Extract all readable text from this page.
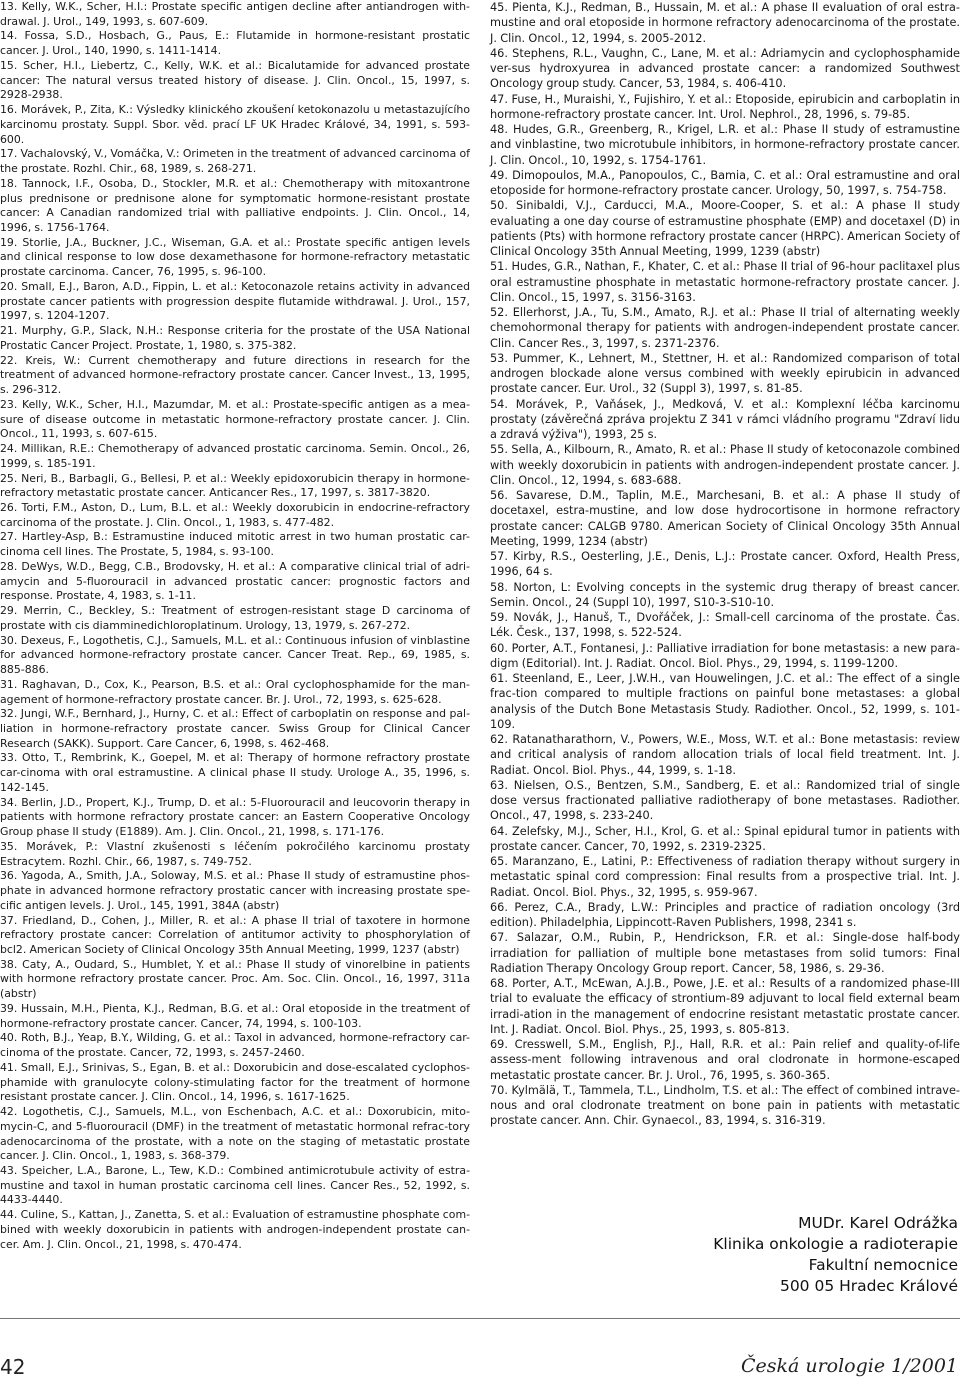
13. Kelly, W.K., Scher, H.I.: Prostate specific antigen decline after antiandrogen with-drawal. J. Urol., 149, 1993, s. 607-609.

14. Fossa, S.D., Hosbach, G., Paus, E.: Flutamide in hormone-resistant prostatic cancer. J. Urol., 140, 1990, s. 1411-1414.

15. Scher, H.I., Liebertz, C., Kelly, W.K. et al.: Bicalutamide for advanced prostate cancer: The natural versus treated history of disease. J. Clin. Oncol., 15, 1997, s. 2928-2938.

16. Morávek, P., Zita, K.: Výsledky klinického zkoušení ketokonazolu u metastazujícího karcinomu prostaty. Suppl. Sbor. věd. prací LF UK Hradec Králové, 34, 1991, s. 593-600.

17. Vachalovský, V., Vomáčka, V.: Orimeten in the treatment of advanced carcinoma of the prostate. Rozhl. Chir., 68, 1989, s. 268-271.

18. Tannock, I.F., Osoba, D., Stockler, M.R. et al.: Chemotherapy with mitoxantrone plus prednisone or prednisone alone for symptomatic hormone-resistant prostate cancer: A Canadian randomized trial with palliative endpoints. J. Clin. Oncol., 14, 1996, s. 1756-1764.

19. Storlie, J.A., Buckner, J.C., Wiseman, G.A. et al.: Prostate specific antigen levels and clinical response to low dose dexamethasone for hormone-refractory metastatic prostate carcinoma. Cancer, 76, 1995, s. 96-100.

20. Small, E.J., Baron, A.D., Fippin, L. et al.: Ketoconazole retains activity in advanced prostate cancer patients with progression despite flutamide withdrawal. J. Urol., 157, 1997, s. 1204-1207.

21. Murphy, G.P., Slack, N.H.: Response criteria for the prostate of the USA National Prostatic Cancer Project. Prostate, 1, 1980, s. 375-382.

22. Kreis, W.: Current chemotherapy and future directions in research for the treatment of advanced hormone-refractory prostate cancer. Cancer Invest., 13, 1995, s. 296-312.

23. Kelly, W.K., Scher, H.I., Mazumdar, M. et al.: Prostate-specific antigen as a mea-sure of disease outcome in metastatic hormone-refractory prostate cancer. J. Clin. Oncol., 11, 1993, s. 607-615.

24. Millikan, R.E.: Chemotherapy of advanced prostatic carcinoma. Semin. Oncol., 26, 1999, s. 185-191.

25. Neri, B., Barbagli, G., Bellesi, P. et al.: Weekly epidoxorubicin therapy in hormone-refractory metastatic prostate cancer. Anticancer Res., 17, 1997, s. 3817-3820.

26. Torti, F.M., Aston, D., Lum, B.L. et al.: Weekly doxorubicin in endocrine-refractory carcinoma of the prostate. J. Clin. Oncol., 1, 1983, s. 477-482.

27. Hartley-Asp, B.: Estramustine induced mitotic arrest in two human prostatic car-cinoma cell lines. The Prostate, 5, 1984, s. 93-100.

28. DeWys, W.D., Begg, C.B., Brodovsky, H. et al.: A comparative clinical trial of adri-amycin and 5-fluorouracil in advanced prostatic cancer: prognostic factors and response. Prostate, 4, 1983, s. 1-11.

29. Merrin, C., Beckley, S.: Treatment of estrogen-resistant stage D carcinoma of prostate with cis diamminedichloroplatinum. Urology, 13, 1979, s. 267-272.

30. Dexeus, F., Logothetis, C.J., Samuels, M.L. et al.: Continuous infusion of vinblastine for advanced hormone-refractory prostate cancer. Cancer Treat. Rep., 69, 1985, s. 885-886.

31. Raghavan, D., Cox, K., Pearson, B.S. et al.: Oral cyclophosphamide for the man-agement of hormone-refractory prostate cancer. Br. J. Urol., 72, 1993, s. 625-628.

32. Jungi, W.F., Bernhard, J., Hurny, C. et al.: Effect of carboplatin on response and pal-liation in hormone-refractory prostate cancer. Swiss Group for Clinical Cancer Research (SAKK). Support. Care Cancer, 6, 1998, s. 462-468.

33. Otto, T., Rembrink, K., Goepel, M. et al: Therapy of hormone refractory prostate car-cinoma with oral estramustine. A clinical phase II study. Urologe A., 35, 1996, s. 142-145.

34. Berlin, J.D., Propert, K.J., Trump, D. et al.: 5-Fluorouracil and leucovorin therapy in patients with hormone refractory prostate cancer: an Eastern Cooperative Oncology Group phase II study (E1889). Am. J. Clin. Oncol., 21, 1998, s. 171-176.

35. Morávek, P.: Vlastní zkušenosti s léčením pokročilého karcinomu prostaty Estracytem. Rozhl. Chir., 66, 1987, s. 749-752.

36. Yagoda, A., Smith, J.A., Soloway, M.S. et al.: Phase II study of estramustine phos-phate in advanced hormone refractory prostatic cancer with increasing prostate spe-cific antigen levels. J. Urol., 145, 1991, 384A (abstr)

37. Friedland, D., Cohen, J., Miller, R. et al.: A phase II trial of taxotere in hormone refractory prostate cancer: Correlation of antitumor activity to phosphorylation of bcl2. American Society of Clinical Oncology 35th Annual Meeting, 1999, 1237 (abstr)

38. Caty, A., Oudard, S., Humblet, Y. et al.: Phase II study of vinorelbine in patients with hormone refractory prostate cancer. Proc. Am. Soc. Clin. Oncol., 16, 1997, 311a (abstr)

39. Hussain, M.H., Pienta, K.J., Redman, B.G. et al.: Oral etoposide in the treatment of hormone-refractory prostate cancer. Cancer, 74, 1994, s. 100-103.

40. Roth, B.J., Yeap, B.Y., Wilding, G. et al.: Taxol in advanced, hormone-refractory car-cinoma of the prostate. Cancer, 72, 1993, s. 2457-2460.

41. Small, E.J., Srinivas, S., Egan, B. et al.: Doxorubicin and dose-escalated cyclophos-phamide with granulocyte colony-stimulating factor for the treatment of hormone resistant prostate cancer. J. Clin. Oncol., 14, 1996, s. 1617-1625.

42. Logothetis, C.J., Samuels, M.L., von Eschenbach, A.C. et al.: Doxorubicin, mito-mycin-C, and 5-fluorouracil (DMF) in the treatment of metastatic hormonal refrac-tory adenocarcinoma of the prostate, with a note on the staging of metastatic prostate cancer. J. Clin. Oncol., 1, 1983, s. 368-379.

43. Speicher, L.A., Barone, L., Tew, K.D.: Combined antimicrotubule activity of estra-mustine and taxol in human prostatic carcinoma cell lines. Cancer Res., 52, 1992, s. 4433-4440.

44. Culine, S., Kattan, J., Zanetta, S. et al.: Evaluation of estramustine phosphate com-bined with weekly doxorubicin in patients with androgen-independent prostate can-cer. Am. J. Clin. Oncol., 21, 1998, s. 470-474.

45. Pienta, K.J., Redman, B., Hussain, M. et al.: A phase II evaluation of oral estra-mustine and oral etoposide in hormone refractory adenocarcinoma of the prostate. J. Clin. Oncol., 12, 1994, s. 2005-2012.

46. Stephens, R.L., Vaughn, C., Lane, M. et al.: Adriamycin and cyclophosphamide ver-sus hydroxyurea in advanced prostate cancer: a randomized Southwest Oncology group study. Cancer, 53, 1984, s. 406-410.

47. Fuse, H., Muraishi, Y., Fujishiro, Y. et al.: Etoposide, epirubicin and carboplatin in hormone-refractory prostate cancer. Int. Urol. Nephrol., 28, 1996, s. 79-85.

48. Hudes, G.R., Greenberg, R., Krigel, L.R. et al.: Phase II study of estramustine and vinblastine, two microtubule inhibitors, in hormone-refractory prostate cancer. J. Clin. Oncol., 10, 1992, s. 1754-1761.

49. Dimopoulos, M.A., Panopoulos, C., Bamia, C. et al.: Oral estramustine and oral etoposide for hormone-refractory prostate cancer. Urology, 50, 1997, s. 754-758.

50. Sinibaldi, V.J., Carducci, M.A., Moore-Cooper, S. et al.: A phase II study evaluating a one day course of estramustine phosphate (EMP) and docetaxel (D) in patients (Pts) with hormone refractory prostate cancer (HRPC). American Society of Clinical Oncology 35th Annual Meeting, 1999, 1239 (abstr)

51. Hudes, G.R., Nathan, F., Khater, C. et al.: Phase II trial of 96-hour paclitaxel plus oral estramustine phosphate in metastatic hormone-refractory prostate cancer. J. Clin. Oncol., 15, 1997, s. 3156-3163.

52. Ellerhorst, J.A., Tu, S.M., Amato, R.J. et al.: Phase II trial of alternating weekly chemohormonal therapy for patients with androgen-independent prostate cancer. Clin. Cancer Res., 3, 1997, s. 2371-2376.

53. Pummer, K., Lehnert, M., Stettner, H. et al.: Randomized comparison of total androgen blockade alone versus combined with weekly epirubicin in advanced prostate cancer. Eur. Urol., 32 (Suppl 3), 1997, s. 81-85.

54. Morávek, P., Vaňásek, J., Medková, V. et al.: Komplexní léčba karcinomu prostaty (závěrečná zpráva projektu Z 341 v rámci vládního programu "Zdraví lidu a zdravá výživa"), 1993, 25 s.

55. Sella, A., Kilbourn, R., Amato, R. et al.: Phase II study of ketoconazole combined with weekly doxorubicin in patients with androgen-independent prostate cancer. J. Clin. Oncol., 12, 1994, s. 683-688.

56. Savarese, D.M., Taplin, M.E., Marchesani, B. et al.: A phase II study of docetaxel, estra-mustine, and low dose hydrocortisone in hormone refractory prostate cancer: CALGB 9780. American Society of Clinical Oncology 35th Annual Meeting, 1999, 1234 (abstr)

57. Kirby, R.S., Oesterling, J.E., Denis, L.J.: Prostate cancer. Oxford, Health Press, 1996, 64 s.

58. Norton, L: Evolving concepts in the systemic drug therapy of breast cancer. Semin. Oncol., 24 (Suppl 10), 1997, S10-3-S10-10.

59. Novák, J., Hanuš, T., Dvořáček, J.: Small-cell carcinoma of the prostate. Čas. Lék. Česk., 137, 1998, s. 522-524.

60. Porter, A.T., Fontanesi, J.: Palliative irradiation for bone metastasis: a new para-digm (Editorial). Int. J. Radiat. Oncol. Biol. Phys., 29, 1994, s. 1199-1200.

61. Steenland, E., Leer, J.W.H., van Houwelingen, J.C. et al.: The effect of a single frac-tion compared to multiple fractions on painful bone metastases: a global analysis of the Dutch Bone Metastasis Study. Radiother. Oncol., 52, 1999, s. 101-109.

62. Ratanatharathorn, V., Powers, W.E., Moss, W.T. et al.: Bone metastasis: review and critical analysis of random allocation trials of local field treatment. Int. J. Radiat. Oncol. Biol. Phys., 44, 1999, s. 1-18.

63. Nielsen, O.S., Bentzen, S.M., Sandberg, E. et al.: Randomized trial of single dose versus fractionated palliative radiotherapy of bone metastases. Radiother. Oncol., 47, 1998, s. 233-240.

64. Zelefsky, M.J., Scher, H.I., Krol, G. et al.: Spinal epidural tumor in patients with prostate cancer. Cancer, 70, 1992, s. 2319-2325.

65. Maranzano, E., Latini, P.: Effectiveness of radiation therapy without surgery in metastatic spinal cord compression: Final results from a prospective trial. Int. J. Radiat. Oncol. Biol. Phys., 32, 1995, s. 959-967.

66. Perez, C.A., Brady, L.W.: Principles and practice of radiation oncology (3rd edition). Philadelphia, Lippincott-Raven Publishers, 1998, 2341 s.

67. Salazar, O.M., Rubin, P., Hendrickson, F.R. et al.: Single-dose half-body irradiation for palliation of multiple bone metastases from solid tumors: Final Radiation Therapy Oncology Group report. Cancer, 58, 1986, s. 29-36.

68. Porter, A.T., McEwan, A.J.B., Powe, J.E. et al.: Results of a randomized phase-III trial to evaluate the efficacy of strontium-89 adjuvant to local field external beam irradi-ation in the management of endocrine resistant metastatic prostate cancer. Int. J. Radiat. Oncol. Biol. Phys., 25, 1993, s. 805-813.

69. Cresswell, S.M., English, P.J., Hall, R.R. et al.: Pain relief and quality-of-life assess-ment following intravenous and oral clodronate in hormone-escaped metastatic prostate cancer. Br. J. Urol., 76, 1995, s. 360-365.

70. Kylmälä, T., Tammela, T.L., Lindholm, T.S. et al.: The effect of combined intrave-nous and oral clodronate treatment on bone pain in patients with metastatic prostate cancer. Ann. Chir. Gynaecol., 83, 1994, s. 316-319.

MUDr. Karel Odrážka
Klinika onkologie a radioterapie
Fakultní nemocnice
500 05 Hradec Králové
42	Česká urologie 1/2001
